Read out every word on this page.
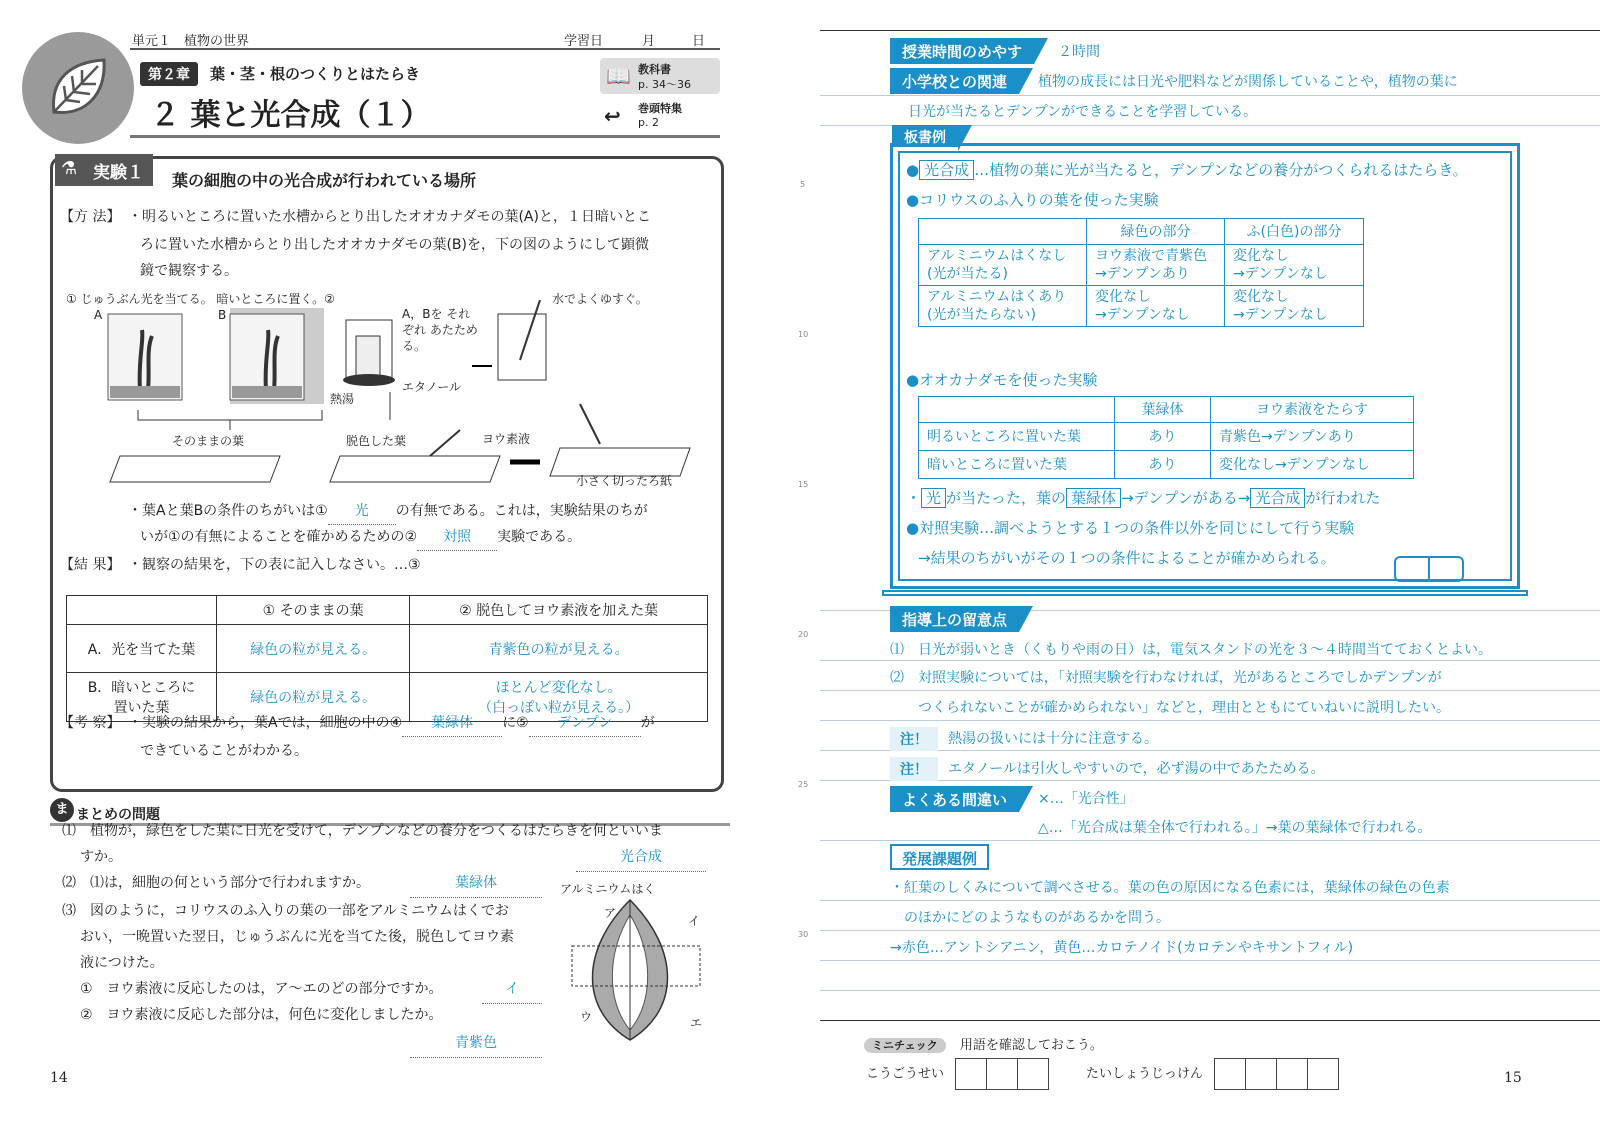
単元１　植物の世界	学習日	月	日
第２章	葉・茎・根のつくりとはたらき
２ 葉と光合成（１）
📖 教科書
p. 34～36
↩ 巻頭特集
p. 2
⚗ 実験１	葉の細胞の中の光合成が行われている場所
【方 法】 ・明るいところに置いた水槽からとり出したオオカナダモの葉(A)と，１日暗いとこ
ろに置いた水槽からとり出したオオカナダモの葉(B)を，下の図のようにして顕微
鏡で観察する。
① じゅうぶん光を当てる。 暗いところに置く。②
A	B	A，Bを それぞれ あたためる。
水でよくゆすぐ。
エタノール
熱湯
そのままの葉	脱色した葉	ヨウ素液
小さく切ったろ紙
・葉Aと葉Bの条件のちがいは① 光 の有無である。これは，実験結果のちが
いが①の有無によることを確かめるための② 対照 実験である。
【結 果】 ・観察の結果を，下の表に記入しなさい。…③
	① そのままの葉	② 脱色してヨウ素液を加えた葉
A．光を当てた葉	緑色の粒が見える。	青紫色の粒が見える。
B．暗いところに
置いた葉	緑色の粒が見える。	ほとんど変化なし。
（白っぽい粒が見える。）
【考 察】 ・実験の結果から，葉Aでは，細胞の中の④ 葉緑体 に⑤ デンプン が
できていることがわかる。
ま まとめの問題
⑴　植物が，緑色をした葉に日光を受けて，デンプンなどの養分をつくるはたらきを何といいま
すか。	光合成
⑵　⑴は，細胞の何という部分で行われますか。	葉緑体
⑶　図のように，コリウスのふ入りの葉の一部をアルミニウムはくでお
おい，一晩置いた翌日，じゅうぶんに光を当てた後，脱色してヨウ素
液につけた。
①　ヨウ素液に反応したのは，ア～エのどの部分ですか。	イ
②　ヨウ素液に反応した部分は，何色に変化しましたか。
青紫色
アルミニウムはく
ア
イ
ウ	エ
14
5
10
15
20
25
30
授業時間のめやす	２時間
小学校との関連	植物の成長には日光や肥料などが関係していることや，植物の葉に
日光が当たるとデンプンができることを学習している。
板書例
● 光合成 …植物の葉に光が当たると，デンプンなどの養分がつくられるはたらき。
●コリウスのふ入りの葉を使った実験
	緑色の部分	ふ(白色)の部分
アルミニウムはくなし
(光が当たる)	ヨウ素液で青紫色
→デンプンあり	変化なし
→デンプンなし
アルミニウムはくあり
(光が当たらない)	変化なし
→デンプンなし	変化なし
→デンプンなし
●オオカナダモを使った実験
	葉緑体	ヨウ素液をたらす
明るいところに置いた葉	あり	青紫色→デンプンあり
暗いところに置いた葉	あり	変化なし→デンプンなし
・ 光 が当たった，葉の 葉緑体 →デンプンがある→ 光合成 が行われた
●対照実験…調べようとする１つの条件以外を同じにして行う実験
→結果のちがいがその１つの条件によることが確かめられる。
指導上の留意点
⑴　日光が弱いとき（くもりや雨の日）は，電気スタンドの光を３～４時間当てておくとよい。
⑵　対照実験については，「対照実験を行わなければ，光があるところでしかデンプンが
つくられないことが確かめられない」などと，理由とともにていねいに説明したい。
注！	熱湯の扱いには十分に注意する。
注！	エタノールは引火しやすいので，必ず湯の中であたためる。
よくある間違い	×…「光合性」
△…「光合成は葉全体で行われる。」→葉の葉緑体で行われる。
発展課題例
・紅葉のしくみについて調べさせる。葉の色の原因になる色素には，葉緑体の緑色の色素
のほかにどのようなものがあるかを問う。
→赤色…アントシアニン，黄色…カロテノイド(カロテンやキサントフィル)
ミニチェック 用語を確認しておこう。
こうごうせい	たいしょうじっけん	15
